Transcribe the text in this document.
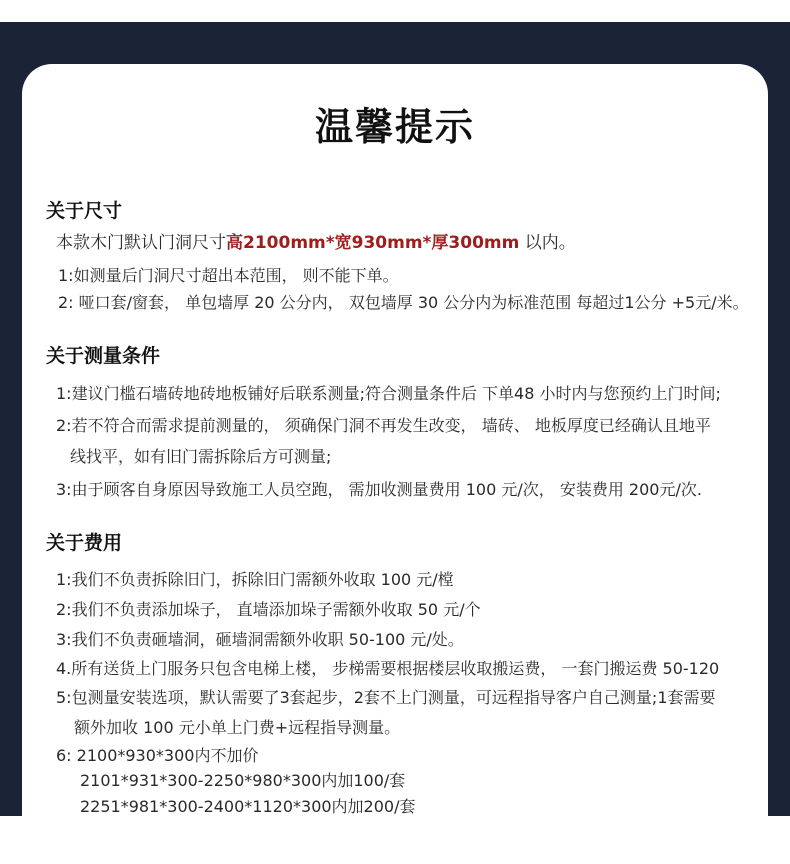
温馨提示
关于尺寸
本款木门默认门洞尺寸高2100mm*宽930mm*厚300mm 以内。
1:如测量后门洞尺寸超出本范围， 则不能下单。
2: 哑口套/窗套， 单包墙厚 20 公分内， 双包墙厚 30 公分内为标准范围 每超过1公分 +5元/米。
关于测量条件
1:建议门槛石墙砖地砖地板铺好后联系测量;符合测量条件后 下单48 小时内与您预约上门时间;
2:若不符合而需求提前测量的， 须确保门洞不再发生改变， 墙砖、 地板厚度已经确认且地平
线找平，如有旧门需拆除后方可测量;
3:由于顾客自身原因导致施工人员空跑， 需加收测量费用 100 元/次， 安装费用 200元/次.
关于费用
1:我们不负责拆除旧门，拆除旧门需额外收取 100 元/樘
2:我们不负责添加垛子， 直墙添加垛子需额外收取 50 元/个
3:我们不负责砸墙洞，砸墙洞需额外收职 50-100 元/处。
4.所有送货上门服务只包含电梯上楼， 步梯需要根据楼层收取搬运费， 一套门搬运费 50-120
5:包测量安装选项，默认需要了3套起步，2套不上门测量，可远程指导客户自己测量;1套需要
额外加收 100 元小单上门费+远程指导测量。
6: 2100*930*300内不加价
2101*931*300-2250*980*300内加100/套
2251*981*300-2400*1120*300内加200/套
